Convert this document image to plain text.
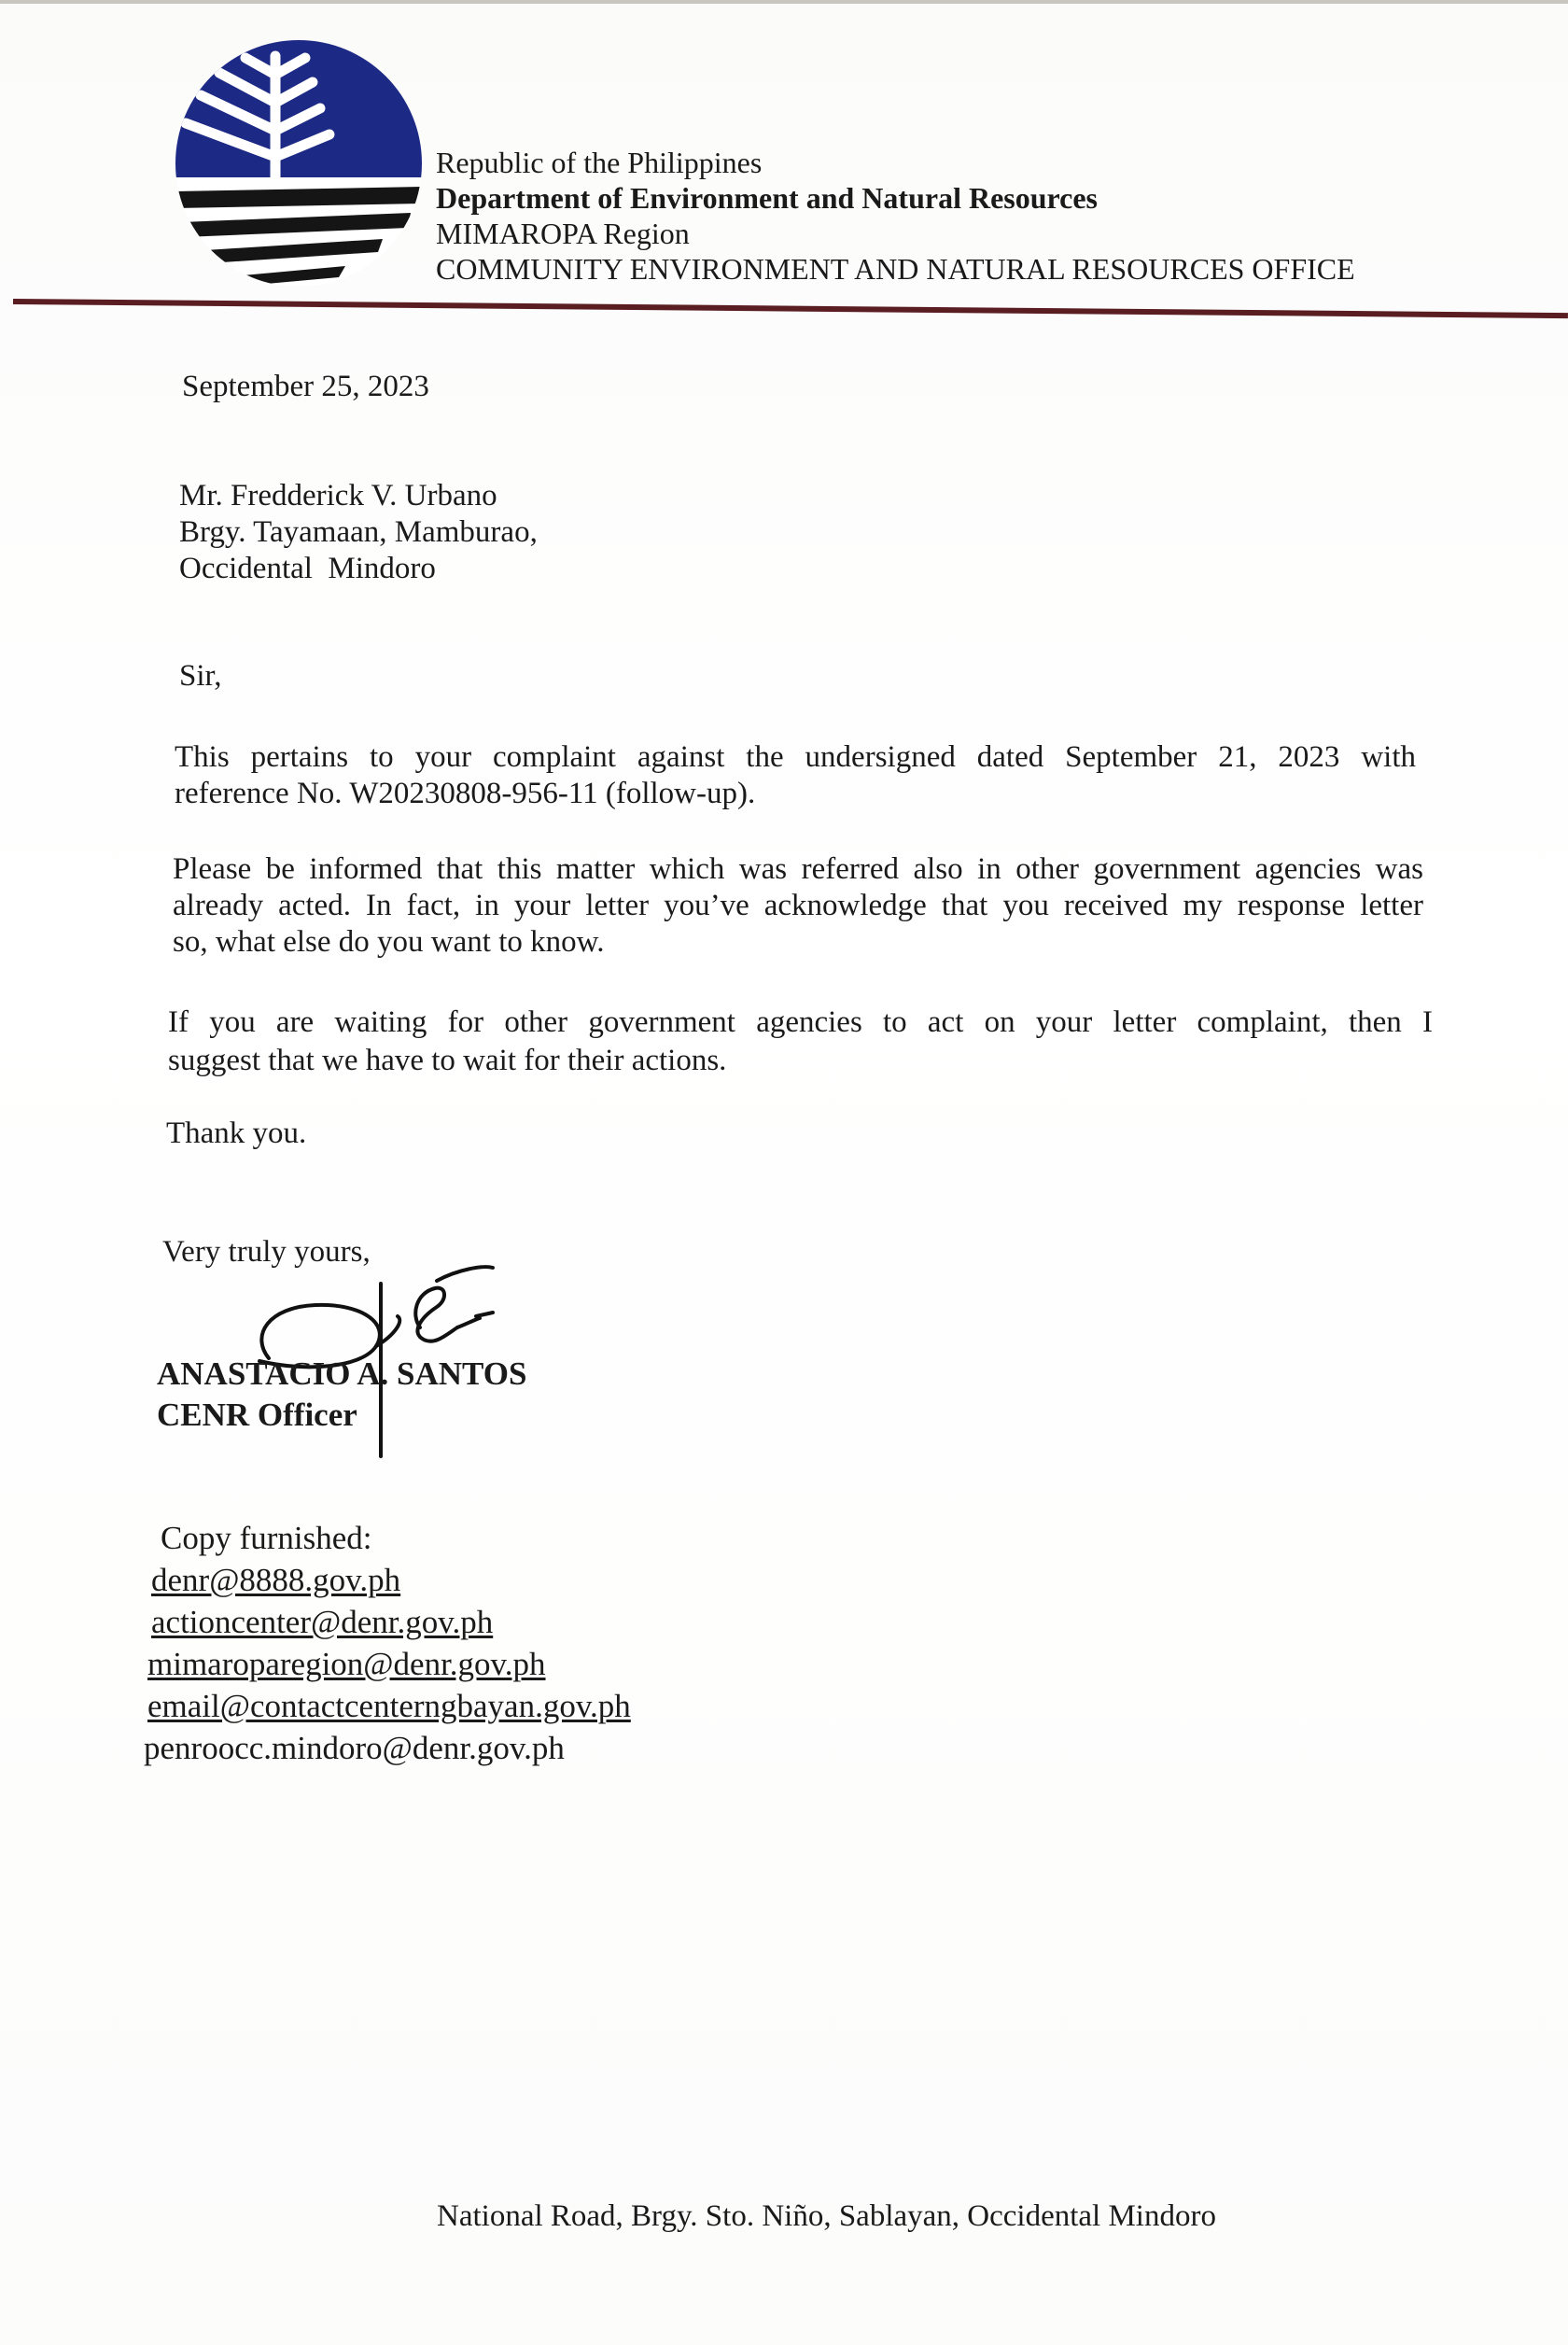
Republic of the Philippines
Department of Environment and Natural Resources
MIMAROPA Region
COMMUNITY ENVIRONMENT AND NATURAL RESOURCES OFFICE
September 25, 2023
Mr. Fredderick V. Urbano
Brgy. Tayamaan, Mamburao,
Occidental  Mindoro
Sir,
This pertains to your complaint against the undersigned dated September 21, 2023 with
reference No. W20230808-956-11 (follow-up).
Please be informed that this matter which was referred also in other government agencies was
already acted. In fact, in your letter you’ve acknowledge that you received my response letter
so, what else do you want to know.
If you are waiting for other government agencies to act on your letter complaint, then I
suggest that we have to wait for their actions.
Thank you.
Very truly yours,
ANASTACIO A. SANTOS
CENR Officer
Copy furnished:
denr@8888.gov.ph
actioncenter@denr.gov.ph
mimaroparegion@denr.gov.ph
email@contactcenterngbayan.gov.ph
penroocc.mindoro@denr.gov.ph
National Road, Brgy. Sto. Niño, Sablayan, Occidental Mindoro
